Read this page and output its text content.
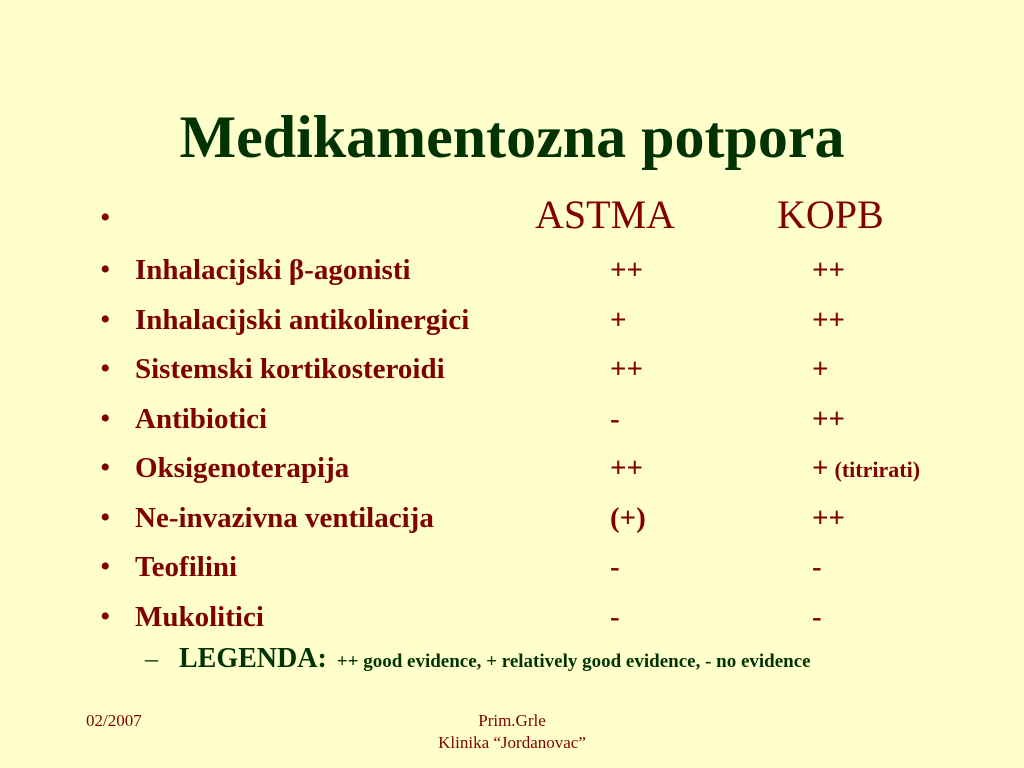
Medikamentozna potpora
•	ASTMA	KOPB
• Inhalacijski β-agonisti	++	++
• Inhalacijski antikolinergici	+	++
• Sistemski kortikosteroidi	++	+
• Antibiotici	-	++
• Oksigenoterapija	++	+ (titrirati)
• Ne-invazivna ventilacija	(+)	++
• Teofilini	-	-
• Mukolitici	-	-
– LEGENDA: ++ good evidence, + relatively good evidence, - no evidence
02/2007	Prim.Grle
Klinika “Jordanovac”
